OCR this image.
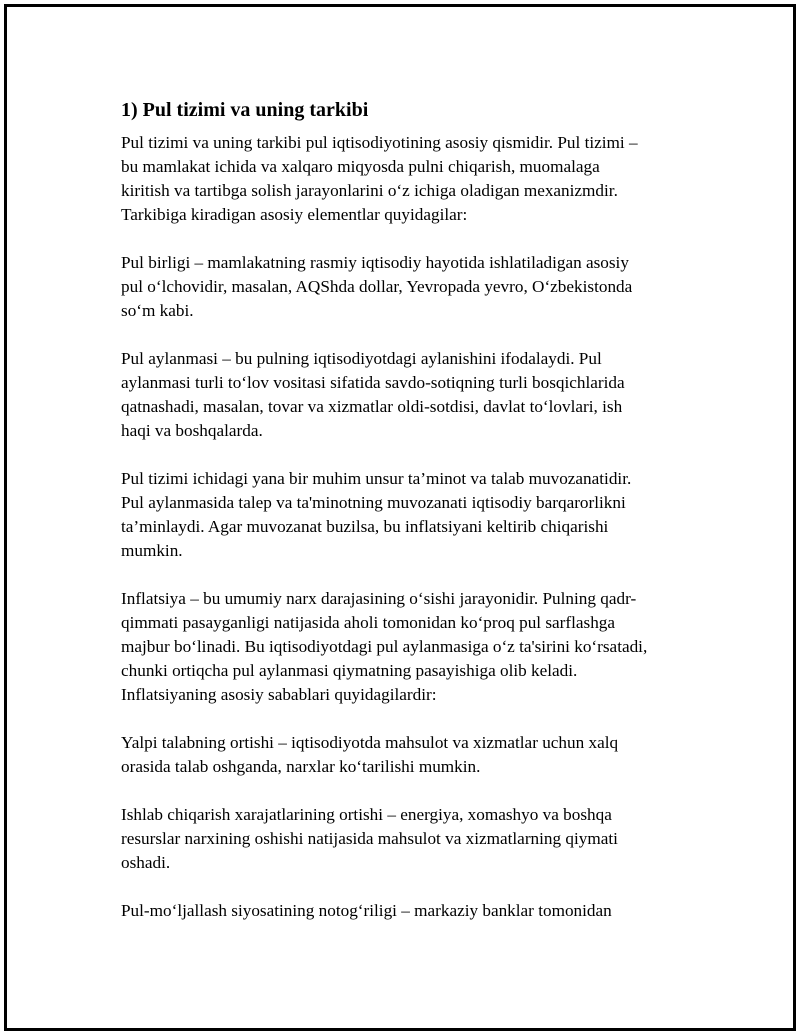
1) Pul tizimi va uning tarkibi

Pul tizimi va uning tarkibi pul iqtisodiyotining asosiy qismidir. Pul tizimi –
bu mamlakat ichida va xalqaro miqyosda pulni chiqarish, muomalaga
kiritish va tartibga solish jarayonlarini o‘z ichiga oladigan mexanizmdir.
Tarkibiga kiradigan asosiy elementlar quyidagilar:

Pul birligi – mamlakatning rasmiy iqtisodiy hayotida ishlatiladigan asosiy
pul o‘lchovidir, masalan, AQShda dollar, Yevropada yevro, O‘zbekistonda
so‘m kabi.

Pul aylanmasi – bu pulning iqtisodiyotdagi aylanishini ifodalaydi. Pul
aylanmasi turli to‘lov vositasi sifatida savdo-sotiqning turli bosqichlarida
qatnashadi, masalan, tovar va xizmatlar oldi-sotdisi, davlat to‘lovlari, ish
haqi va boshqalarda.

Pul tizimi ichidagi yana bir muhim unsur ta’minot va talab muvozanatidir.
Pul aylanmasida talep va ta'minotning muvozanati iqtisodiy barqarorlikni
ta’minlaydi. Agar muvozanat buzilsa, bu inflatsiyani keltirib chiqarishi
mumkin.

Inflatsiya – bu umumiy narx darajasining o‘sishi jarayonidir. Pulning qadr-
qimmati pasayganligi natijasida aholi tomonidan ko‘proq pul sarflashga
majbur bo‘linadi. Bu iqtisodiyotdagi pul aylanmasiga o‘z ta'sirini ko‘rsatadi,
chunki ortiqcha pul aylanmasi qiymatning pasayishiga olib keladi.
Inflatsiyaning asosiy sabablari quyidagilardir:

Yalpi talabning ortishi – iqtisodiyotda mahsulot va xizmatlar uchun xalq
orasida talab oshganda, narxlar ko‘tarilishi mumkin.

Ishlab chiqarish xarajatlarining ortishi – energiya, xomashyo va boshqa
resurslar narxining oshishi natijasida mahsulot va xizmatlarning qiymati
oshadi.

Pul-mo‘ljallash siyosatining notog‘riligi – markaziy banklar tomonidan
